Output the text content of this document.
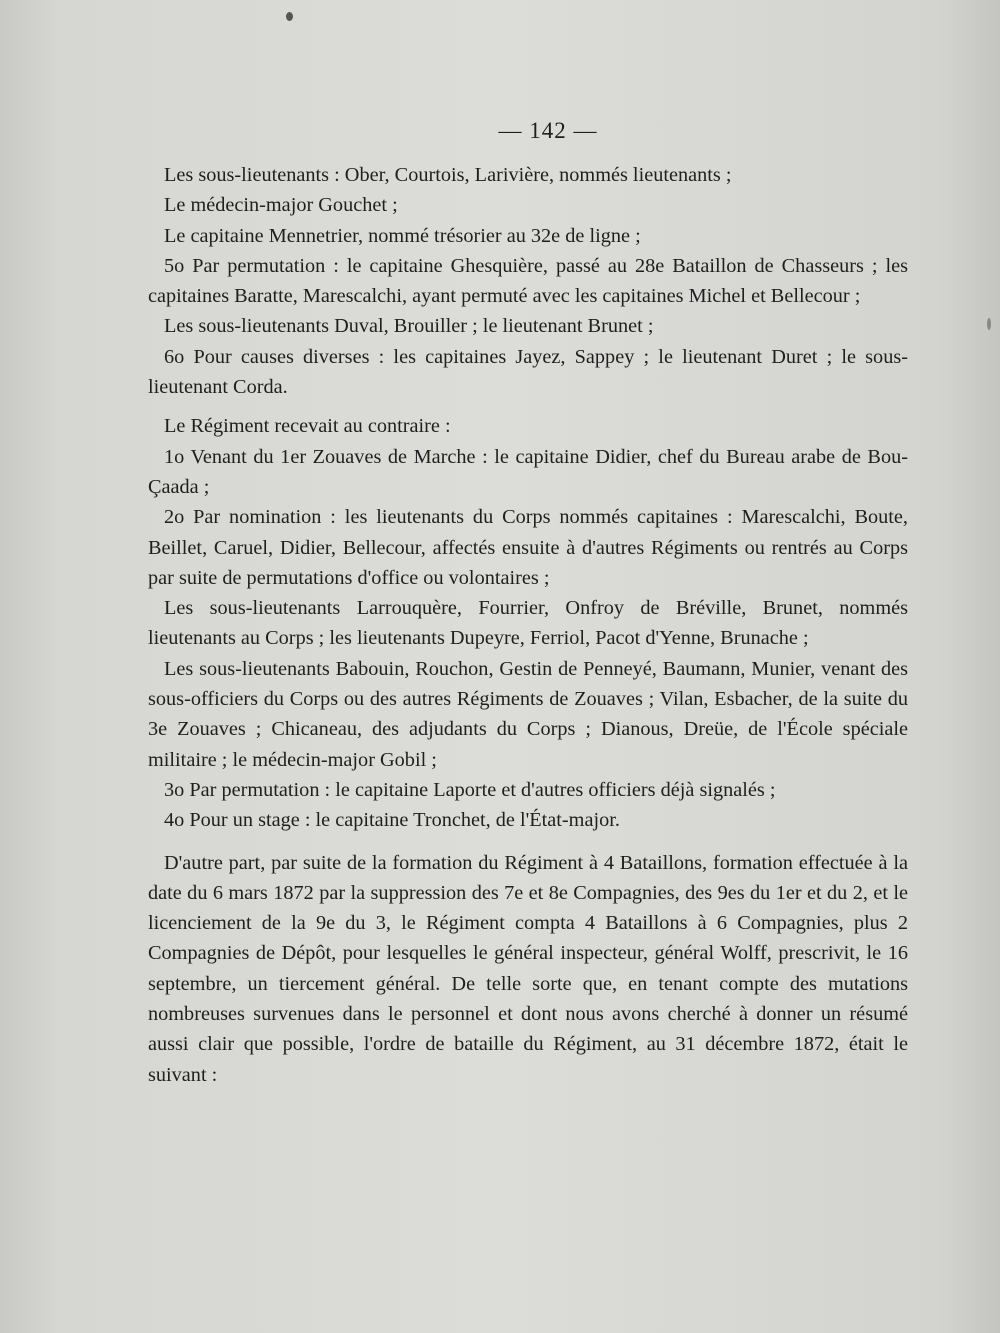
— 142 —

Les sous-lieutenants : Ober, Courtois, Larivière, nommés lieutenants ;

Le médecin-major Gouchet ;

Le capitaine Mennetrier, nommé trésorier au 32e de ligne ;

5o Par permutation : le capitaine Ghesquière, passé au 28e Bataillon de Chasseurs ; les capitaines Baratte, Marescalchi, ayant permuté avec les capitaines Michel et Bellecour ;

Les sous-lieutenants Duval, Brouiller ; le lieutenant Brunet ;

6o Pour causes diverses : les capitaines Jayez, Sappey ; le lieutenant Duret ; le sous-lieutenant Corda.

Le Régiment recevait au contraire :

1o Venant du 1er Zouaves de Marche : le capitaine Didier, chef du Bureau arabe de Bou-Çaada ;

2o Par nomination : les lieutenants du Corps nommés capitaines : Marescalchi, Boute, Beillet, Caruel, Didier, Bellecour, affectés ensuite à d'autres Régiments ou rentrés au Corps par suite de permutations d'office ou volontaires ;

Les sous-lieutenants Larrouquère, Fourrier, Onfroy de Bréville, Brunet, nommés lieutenants au Corps ; les lieutenants Dupeyre, Ferriol, Pacot d'Yenne, Brunache ;

Les sous-lieutenants Babouin, Rouchon, Gestin de Penneyé, Baumann, Munier, venant des sous-officiers du Corps ou des autres Régiments de Zouaves ; Vilan, Esbacher, de la suite du 3e Zouaves ; Chicaneau, des adjudants du Corps ; Dianous, Dreüe, de l'École spéciale militaire ; le médecin-major Gobil ;

3o Par permutation : le capitaine Laporte et d'autres officiers déjà signalés ;

4o Pour un stage : le capitaine Tronchet, de l'État-major.

D'autre part, par suite de la formation du Régiment à 4 Bataillons, formation effectuée à la date du 6 mars 1872 par la suppression des 7e et 8e Compagnies, des 9es du 1er et du 2, et le licenciement de la 9e du 3, le Régiment compta 4 Bataillons à 6 Compagnies, plus 2 Compagnies de Dépôt, pour lesquelles le général inspecteur, général Wolff, prescrivit, le 16 septembre, un tiercement général. De telle sorte que, en tenant compte des mutations nombreuses survenues dans le personnel et dont nous avons cherché à donner un résumé aussi clair que possible, l'ordre de bataille du Régiment, au 31 décembre 1872, était le suivant :
